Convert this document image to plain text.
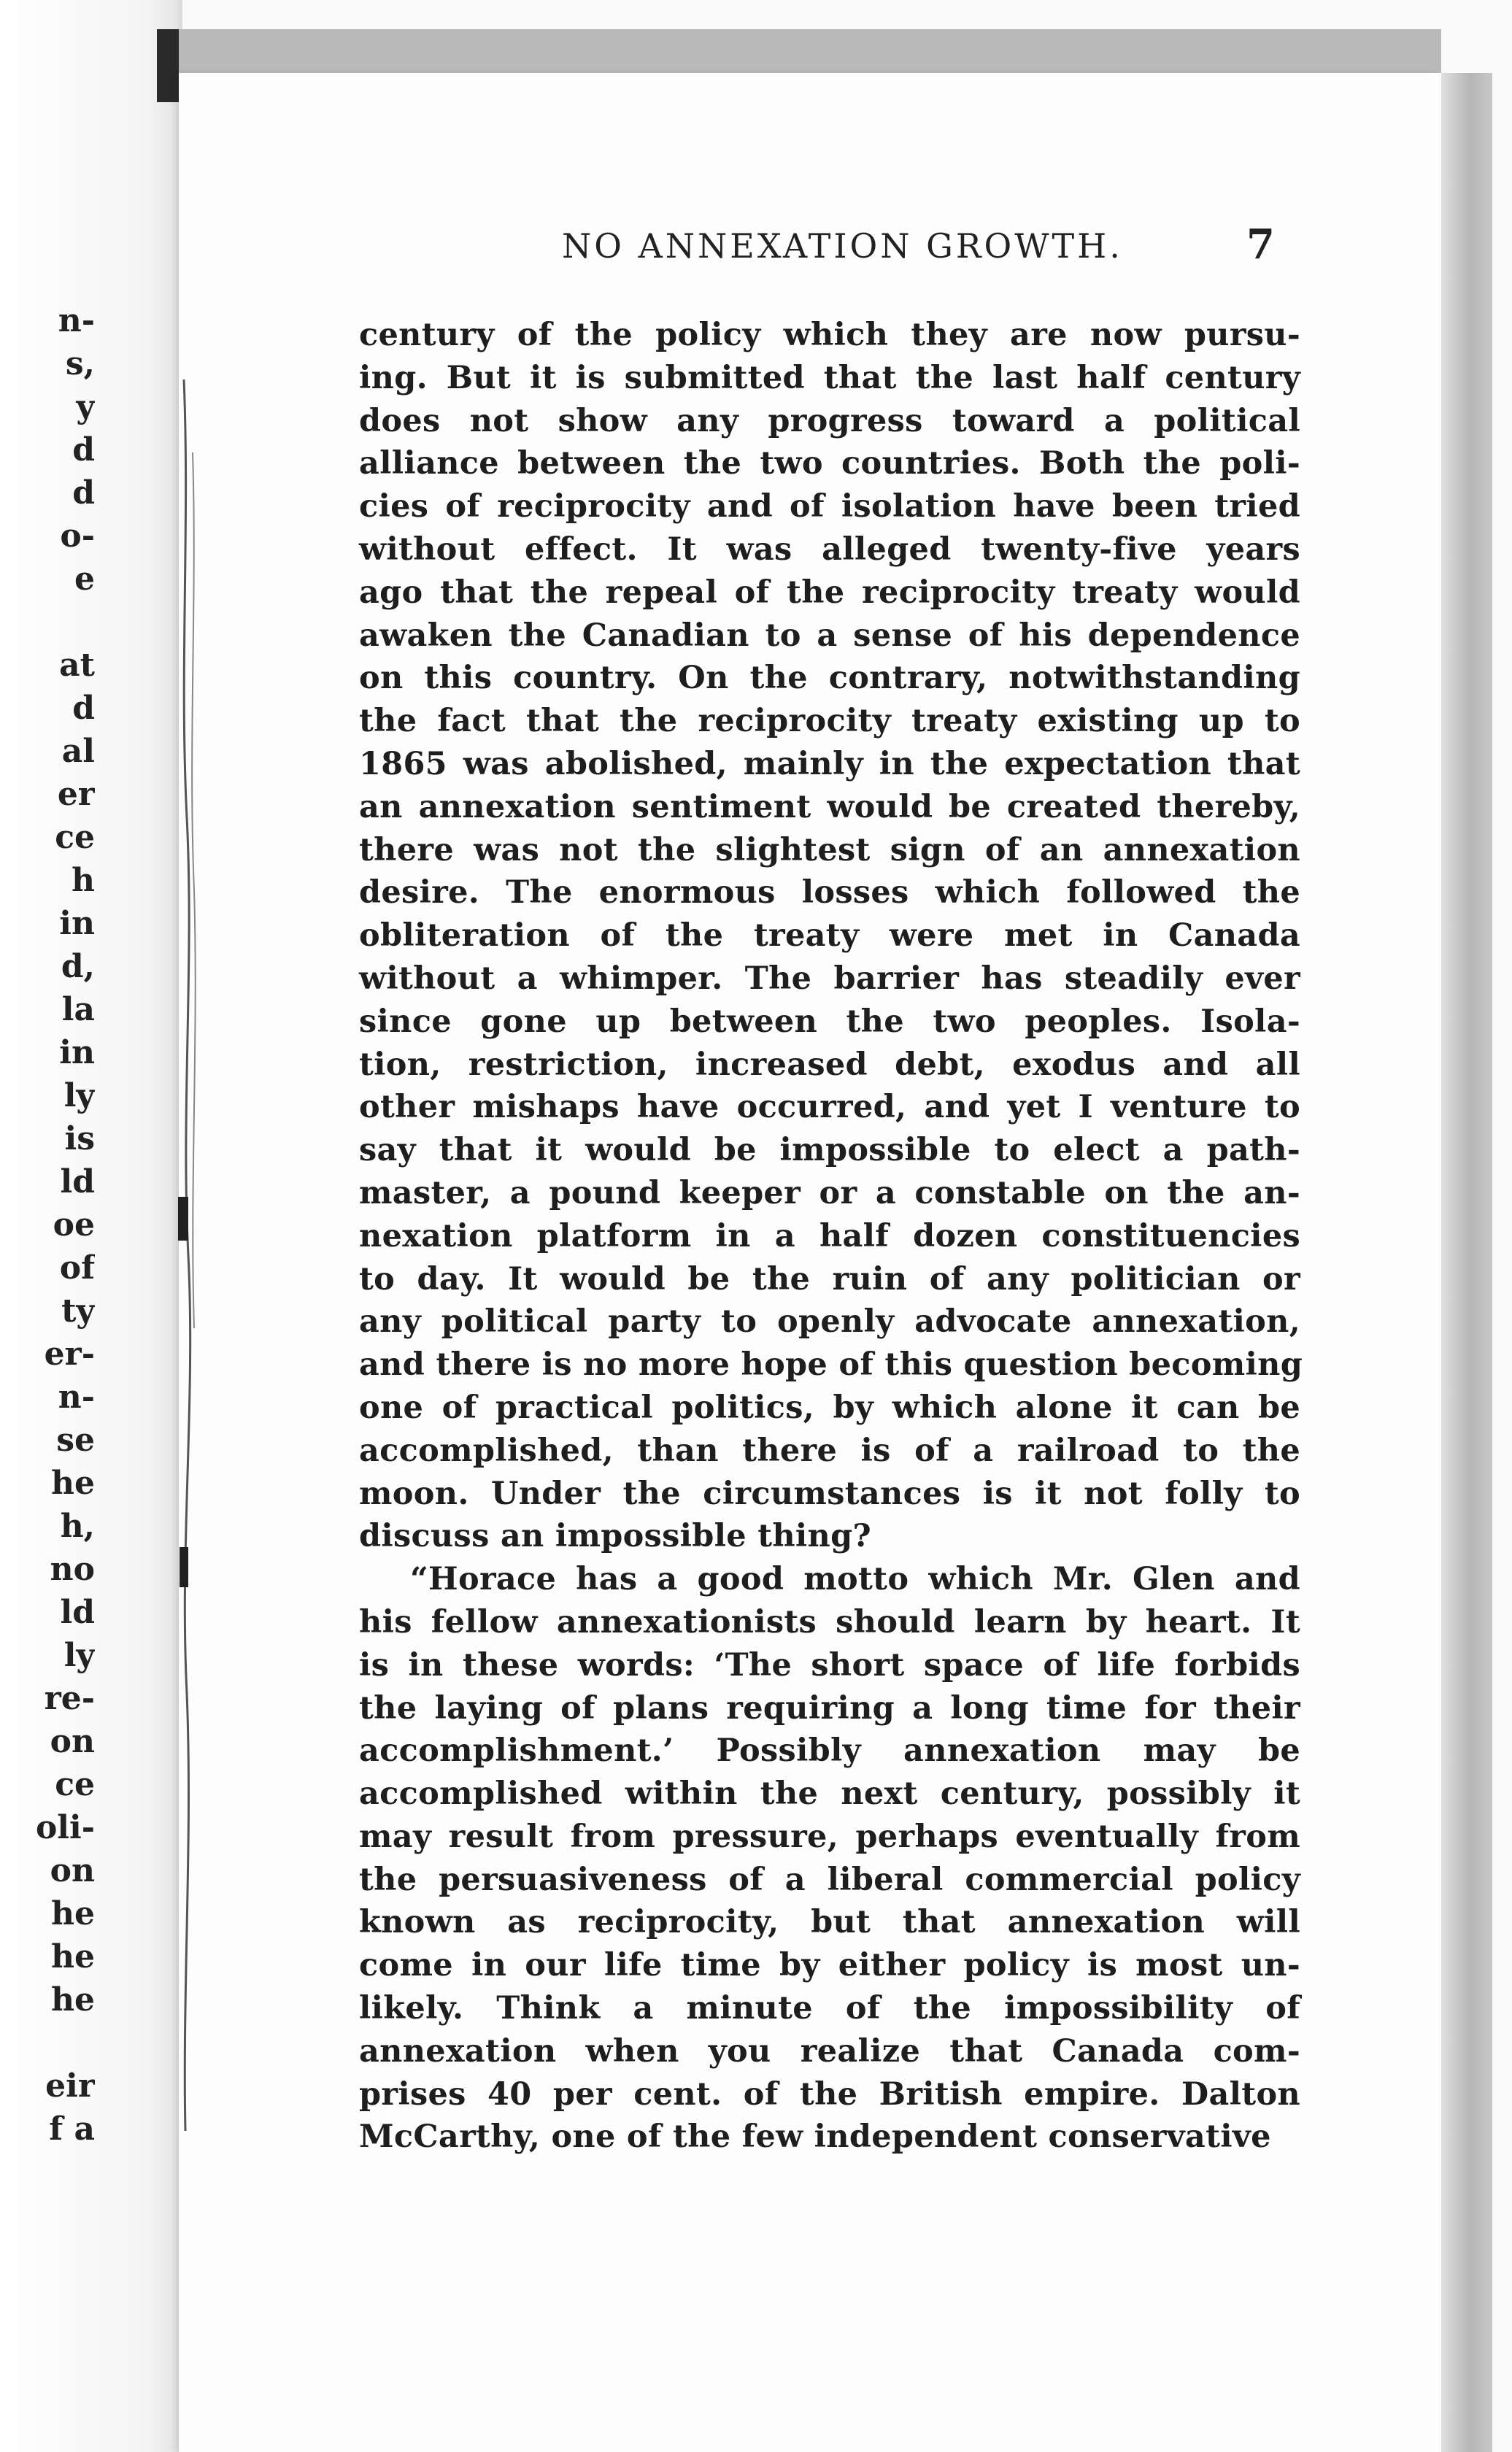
n-
s,
y
d
d
o-
e
at
d
al
er
ce
h
in
d,
la
in
ly
is
ld
oe
of
ty
er-
n-
se
he
h,
no
ld
ly
re-
on
ce
oli-
on
he
he
he
eir
f a
NO ANNEXATION GROWTH.	7
century of the policy which they are now pursu-
ing. But it is submitted that the last half century
does not show any progress toward a political
alliance between the two countries. Both the poli-
cies of reciprocity and of isolation have been tried
without effect. It was alleged twenty-five years
ago that the repeal of the reciprocity treaty would
awaken the Canadian to a sense of his dependence
on this country. On the contrary, notwithstanding
the fact that the reciprocity treaty existing up to
1865 was abolished, mainly in the expectation that
an annexation sentiment would be created thereby,
there was not the slightest sign of an annexation
desire. The enormous losses which followed the
obliteration of the treaty were met in Canada
without a whimper. The barrier has steadily ever
since gone up between the two peoples. Isola-
tion, restriction, increased debt, exodus and all
other mishaps have occurred, and yet I venture to
say that it would be impossible to elect a path-
master, a pound keeper or a constable on the an-
nexation platform in a half dozen constituencies
to day. It would be the ruin of any politician or
any political party to openly advocate annexation,
and there is no more hope of this question becoming
one of practical politics, by which alone it can be
accomplished, than there is of a railroad to the
moon. Under the circumstances is it not folly to
discuss an impossible thing?
“Horace has a good motto which Mr. Glen and
his fellow annexationists should learn by heart. It
is in these words: ‘The short space of life forbids
the laying of plans requiring a long time for their
accomplishment.’ Possibly annexation may be
accomplished within the next century, possibly it
may result from pressure, perhaps eventually from
the persuasiveness of a liberal commercial policy
known as reciprocity, but that annexation will
come in our life time by either policy is most un-
likely. Think a minute of the impossibility of
annexation when you realize that Canada com-
prises 40 per cent. of the British empire. Dalton
McCarthy, one of the few independent conservative
